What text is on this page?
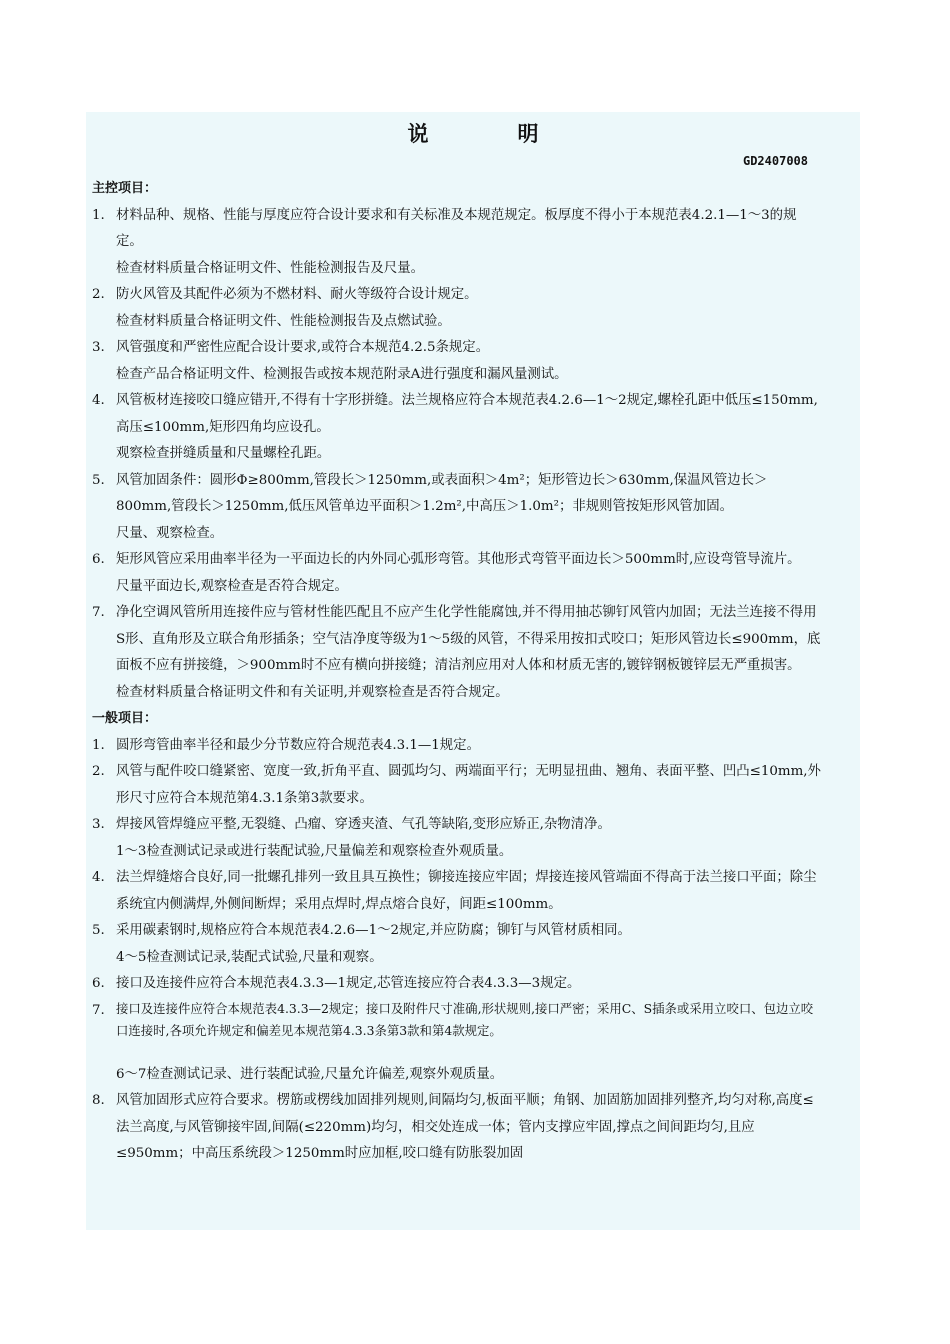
说　明
GD2407008
主控项目：
1. 材料品种、规格、性能与厚度应符合设计要求和有关标准及本规范规定。板厚度不得小于本规范表4.2.1—1～3的规定。

检查材料质量合格证明文件、性能检测报告及尺量。

2. 防火风管及其配件必须为不燃材料、耐火等级符合设计规定。

检查材料质量合格证明文件、性能检测报告及点燃试验。

3. 风管强度和严密性应配合设计要求,或符合本规范4.2.5条规定。

检查产品合格证明文件、检测报告或按本规范附录A进行强度和漏风量测试。

4. 风管板材连接咬口缝应错开,不得有十字形拼缝。法兰规格应符合本规范表4.2.6—1～2规定,螺栓孔距中低压≤150mm,高压≤100mm,矩形四角均应设孔。

观察检查拼缝质量和尺量螺栓孔距。

5. 风管加固条件：圆形Φ≥800mm,管段长＞1250mm,或表面积＞4m²；矩形管边长＞630mm,保温风管边长＞800mm,管段长＞1250mm,低压风管单边平面积＞1.2m²,中高压＞1.0m²；非规则管按矩形风管加固。

尺量、观察检查。

6. 矩形风管应采用曲率半径为一平面边长的内外同心弧形弯管。其他形式弯管平面边长＞500mm时,应设弯管导流片。

尺量平面边长,观察检查是否符合规定。

7. 净化空调风管所用连接件应与管材性能匹配且不应产生化学性能腐蚀,并不得用抽芯铆钉风管内加固；无法兰连接不得用S形、直角形及立联合角形插条；空气洁净度等级为1～5级的风管，不得采用按扣式咬口；矩形风管边长≤900mm，底面板不应有拼接缝，＞900mm时不应有横向拼接缝；清洁剂应用对人体和材质无害的,镀锌钢板镀锌层无严重损害。

检查材料质量合格证明文件和有关证明,并观察检查是否符合规定。

一般项目：
1. 圆形弯管曲率半径和最少分节数应符合规范表4.3.1—1规定。

2. 风管与配件咬口缝紧密、宽度一致,折角平直、圆弧均匀、两端面平行；无明显扭曲、翘角、表面平整、凹凸≤10mm,外形尺寸应符合本规范第4.3.1条第3款要求。

3. 焊接风管焊缝应平整,无裂缝、凸瘤、穿透夹渣、气孔等缺陷,变形应矫正,杂物清净。

1～3检查测试记录或进行装配试验,尺量偏差和观察检查外观质量。

4. 法兰焊缝熔合良好,同一批螺孔排列一致且具互换性；铆接连接应牢固；焊接连接风管端面不得高于法兰接口平面；除尘系统宜内侧满焊,外侧间断焊；采用点焊时,焊点熔合良好，间距≤100mm。

5. 采用碳素钢时,规格应符合本规范表4.2.6—1～2规定,并应防腐；铆钉与风管材质相同。

4～5检查测试记录,装配式试验,尺量和观察。

6. 接口及连接件应符合本规范表4.3.3—1规定,芯管连接应符合表4.3.3—3规定。

7. 接口及连接件应符合本规范表4.3.3—2规定；接口及附件尺寸准确,形状规则,接口严密；采用C、S插条或采用立咬口、包边立咬口连接时,各项允许规定和偏差见本规范第4.3.3条第3款和第4款规定。

6～7检查测试记录、进行装配试验,尺量允许偏差,观察外观质量。

8. 风管加固形式应符合要求。楞筋或楞线加固排列规则,间隔均匀,板面平顺；角钢、加固筋加固排列整齐,均匀对称,高度≤法兰高度,与风管铆接牢固,间隔(≤220mm)均匀，相交处连成一体；管内支撑应牢固,撑点之间间距均匀,且应≤950mm；中高压系统段＞1250mm时应加框,咬口缝有防胀裂加固
